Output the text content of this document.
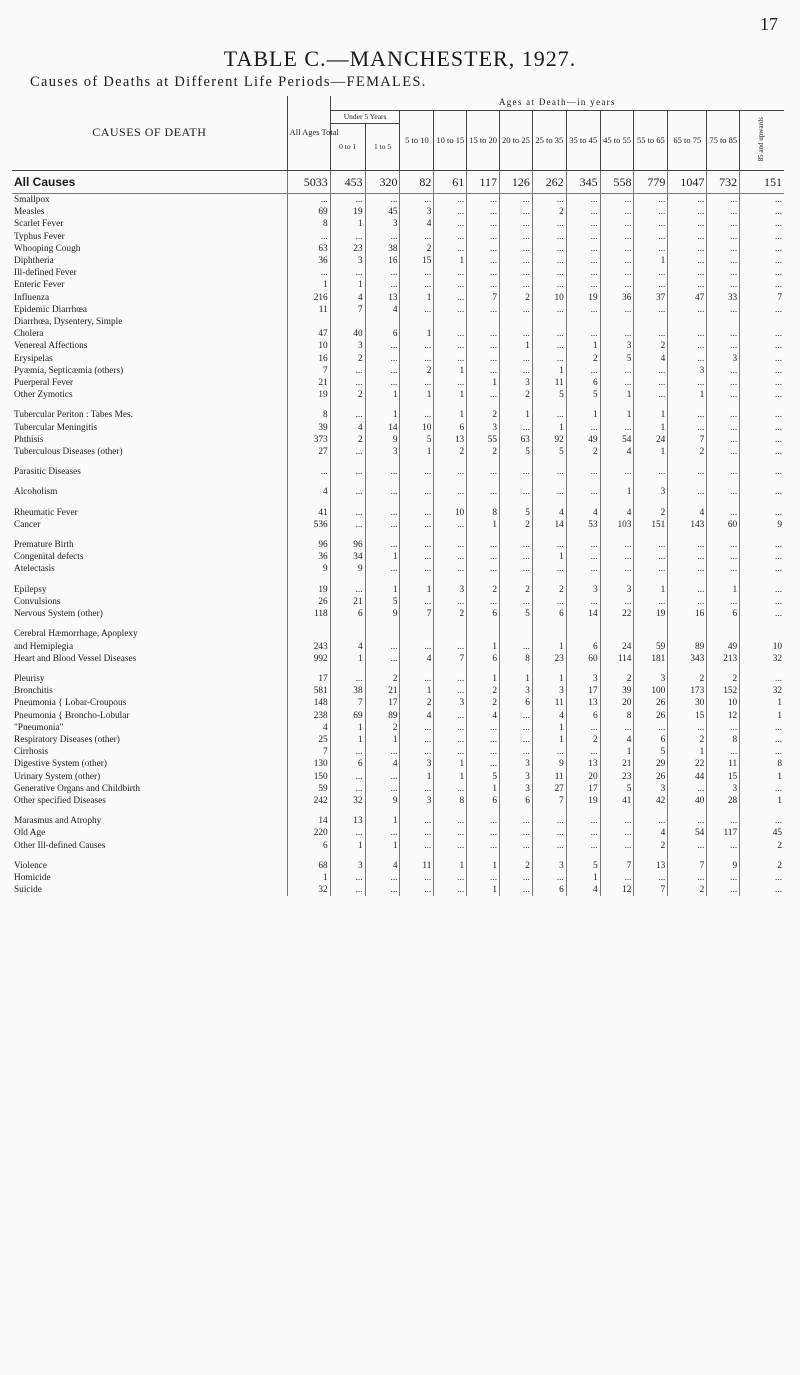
17
TABLE C.—MANCHESTER, 1927.
Causes of Deaths at Different Life Periods—FEMALES.
CAUSES OF DEATH	All Ages Total	Ages at Death—in years												
		Under 5 Years		5 to 10	10 to 15	15 to 20	20 to 25	25 to 35	35 to 45	45 to 55	55 to 65	65 to 75	75 to 85	85 and upwards
		0 to 1	1 to 5											
All Causes	5033	453	320	82	61	117	126	262	345	558	779	1047	732	151
Smallpox	...	...	...	...	...	...	...	...	...	...	...	...	...	...
Measles	69	19	45	3	...	...	...	2	...	...	...	...	...	...
Scarlet Fever	8	1	3	4	...	...	...	...	...	...	...	...	...	...
Typhus Fever	...	...	...	...	...	...	...	...	...	...	...	...	...	...
Whooping Cough	63	23	38	2	...	...	...	...	...	...	...	...	...	...
Diphtheria	36	3	16	15	1	...	...	...	...	...	1	...	...	...
Ill-defined Fever	...	...	...	...	...	...	...	...	...	...	...	...	...	...
Enteric Fever	1	1	...	...	...	...	...	...	...	...	...	...	...	...
Influenza	216	4	13	1	...	7	2	10	19	36	37	47	33	7
Epidemic Diarrhœa	11	7	4	...	...	...	...	...	...	...	...	...	...	...
Diarrhœa, Dysentery, Simple														
Cholera	47	40	6	1	...	...	...	...	...	...	...	...	...	...
Venereal Affections	10	3	...	...	...	...	1	...	1	3	2	...	...	...
Erysipelas	16	2	...	...	...	...	...	...	2	5	4	...	3	...
Pyæmia, Septicæmia (others)	7	...	...	2	1	...	...	1	...	...	...	3	...	...
Puerperal Fever	21	...	...	...	...	1	3	11	6	...	...	...	...	...
Other Zymotics	19	2	1	1	1	...	2	5	5	1	...	1	...	...

Tubercular Periton : Tabes Mes.	8	...	1	...	1	2	1	...	1	1	1	...	...	...
Tubercular Meningitis	39	4	14	10	6	3	...	1	...	...	1	...	...	...
Phthisis	373	2	9	5	13	55	63	92	49	54	24	7	...	...
Tuberculous Diseases (other)	27	...	3	1	2	2	5	5	2	4	1	2	...	...

Parasitic Diseases	...	...	...	...	...	...	...	...	...	...	...	...	...	...

Alcoholism	4	...	...	...	...	...	...	...	...	1	3	...	...	...

Rheumatic Fever	41	...	...	...	10	8	5	4	4	4	2	4	...	...
Cancer	536	...	...	...	...	1	2	14	53	103	151	143	60	9

Premature Birth	96	96	...	...	...	...	...	...	...	...	...	...	...	...
Congenital defects	36	34	1	...	...	...	...	1	...	...	...	...	...	...
Atelectasis	9	9	...	...	...	...	...	...	...	...	...	...	...	...

Epilepsy	19	...	1	1	3	2	2	2	3	3	1	...	1	...
Convulsions	26	21	5	...	...	...	...	...	...	...	...	...	...	...
Nervous System (other)	118	6	9	7	2	6	5	6	14	22	19	16	6	...

Cerebral Hæmorrhage, Apoplexy														
and Hemiplegia	243	4	...	...	...	1	...	1	6	24	59	89	49	10
Heart and Blood Vessel Diseases	992	1	...	4	7	6	8	23	60	114	181	343	213	32

Pleurisy	17	...	2	...	...	1	1	1	3	2	3	2	2	...
Bronchitis	581	38	21	1	...	2	3	3	17	39	100	173	152	32
Pneumonia { Lobar-Croupous	148	7	17	2	3	2	6	11	13	20	26	30	10	1
Pneumonia { Broncho-Lobular	238	69	89	4	...	4	...	4	6	8	26	15	12	1
"Pneumonia"	4	1	2	...	...	...	...	1	...	...	...	...	...	...
Respiratory Diseases (other)	25	1	1	...	...	...	...	1	2	4	6	2	8	...
Cirrhosis	7	...	...	...	...	...	...	...	...	1	5	1	...	...
Digestive System (other)	130	6	4	3	1	...	3	9	13	21	29	22	11	8
Urinary System (other)	150	...	...	1	1	5	3	11	20	23	26	44	15	1
Generative Organs and Childbirth	59	...	...	...	...	1	3	27	17	5	3	...	3	...
Other specified Diseases	242	32	9	3	8	6	6	7	19	41	42	40	28	1

Marasmus and Atrophy	14	13	1	...	...	...	...	...	...	...	...	...	...	...
Old Age	220	...	...	...	...	...	...	...	...	...	4	54	117	45
Other Ill-defined Causes	6	1	1	...	...	...	...	...	...	...	2	...	...	2

Violence	68	3	4	11	1	1	2	3	5	7	13	7	9	2
Homicide	1	...	...	...	...	...	...	...	1	...	...	...	...	...
Suicide	32	...	...	...	...	1	...	6	4	12	7	2	...	...
